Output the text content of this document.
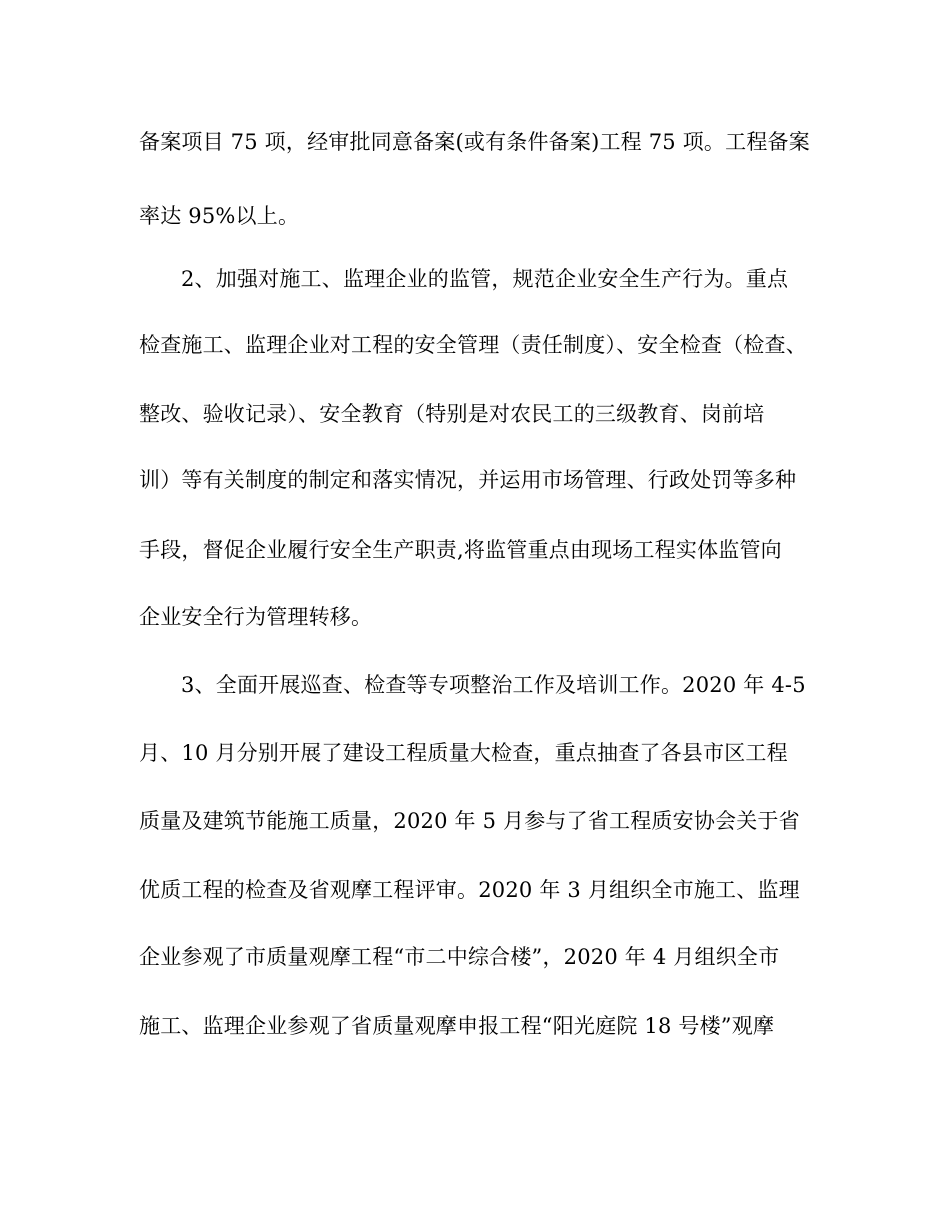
备案项目 75 项，经审批同意备案(或有条件备案)工程 75 项。工程备案
率达 95%以上。
2、加强对施工、监理企业的监管，规范企业安全生产行为。重点
检查施工、监理企业对工程的安全管理（责任制度）、安全检查（检查、
整改、验收记录）、安全教育（特别是对农民工的三级教育、岗前培
训）等有关制度的制定和落实情况，并运用市场管理、行政处罚等多种
手段，督促企业履行安全生产职责,将监管重点由现场工程实体监管向
企业安全行为管理转移。
3、全面开展巡查、检查等专项整治工作及培训工作。2020 年 4-5
月、10 月分别开展了建设工程质量大检查，重点抽查了各县市区工程
质量及建筑节能施工质量，2020 年 5 月参与了省工程质安协会关于省
优质工程的检查及省观摩工程评审。2020 年 3 月组织全市施工、监理
企业参观了市质量观摩工程“市二中综合楼”，2020 年 4 月组织全市
施工、监理企业参观了省质量观摩申报工程“阳光庭院 18 号楼”观摩
